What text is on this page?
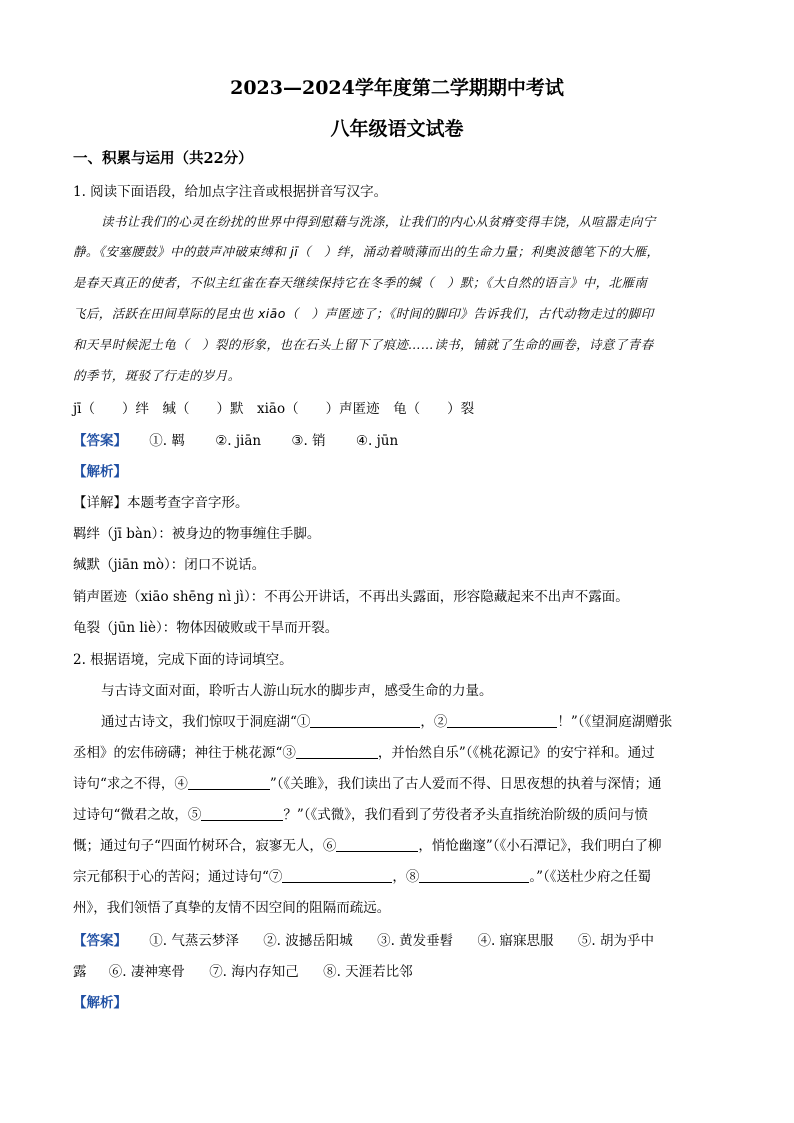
2023—2024学年度第二学期期中考试
八年级语文试卷
一、积累与运用（共22分）
1. 阅读下面语段，给加点字注音或根据拼音写汉字。
读书让我们的心灵在纷扰的世界中得到慰藉与洗涤，让我们的内心从贫瘠变得丰饶，从喧嚣走向宁
静。《安塞腰鼓》中的鼓声冲破束缚和 jī（　）绊，涌动着喷薄而出的生命力量；利奥波德笔下的大雁，
是春天真正的使者，不似主红雀在春天继续保持它在冬季的缄（　）默；《大自然的语言》中，北雁南
飞后，活跃在田间草际的昆虫也 xiāo（　）声匿迹了；《时间的脚印》告诉我们，古代动物走过的脚印
和天旱时候泥土龟（　）裂的形象，也在石头上留下了痕迹……读书，铺就了生命的画卷，诗意了青春
的季节，斑驳了行走的岁月。
jī（　　）绊　缄（　　）默　xiāo（　　）声匿迹　龟（　　）裂
【答案】 ①. 羁 ②. jiān ③. 销 ④. jūn
【解析】
【详解】本题考查字音字形。
羁绊（jī bàn）：被身边的物事缠住手脚。
缄默（jiān mò）：闭口不说话。
销声匿迹（xiāo shēng nì jì）：不再公开讲话，不再出头露面，形容隐藏起来不出声不露面。
龟裂（jūn liè）：物体因破败或干旱而开裂。
2. 根据语境，完成下面的诗词填空。
与古诗文面对面，聆听古人游山玩水的脚步声，感受生命的力量。
通过古诗文，我们惊叹于洞庭湖“①	，②	！”（《望洞庭湖赠张
丞相》的宏伟磅礴；神往于桃花源“③	，并怡然自乐”（《桃花源记》的安宁祥和。通过
诗句“求之不得，④	”（《关雎》，我们读出了古人爱而不得、日思夜想的执着与深情；通
过诗句“微君之故，⑤	？”（《式微》，我们看到了劳役者矛头直指统治阶级的质问与愤
慨；通过句子“四面竹树环合，寂寥无人，⑥	，悄怆幽邃”（《小石潭记》，我们明白了柳
宗元郁积于心的苦闷；通过诗句“⑦	，⑧	。”（《送杜少府之任蜀
州》，我们领悟了真挚的友情不因空间的阻隔而疏远。
【答案】 ①. 气蒸云梦泽 ②. 波撼岳阳城 ③. 黄发垂髫 ④. 寤寐思服 ⑤. 胡为乎中
露 ⑥. 凄神寒骨 ⑦. 海内存知己 ⑧. 天涯若比邻
【解析】
